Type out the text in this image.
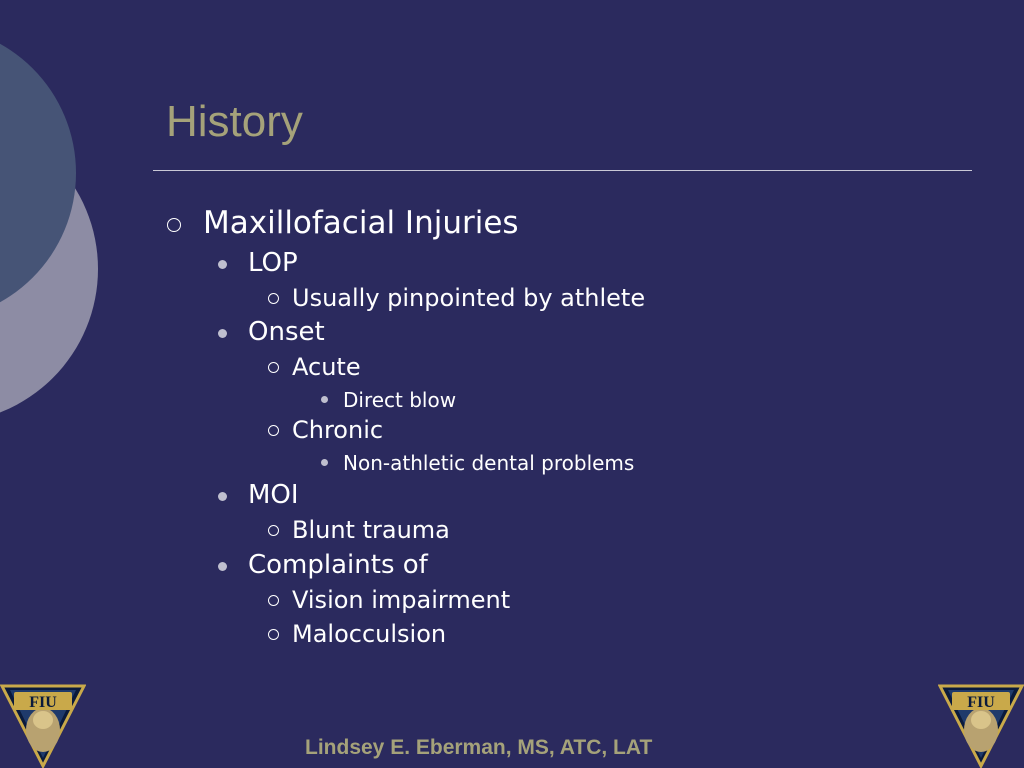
History
Maxillofacial Injuries
LOP
Usually pinpointed by athlete
Onset
Acute
Direct blow
Chronic
Non-athletic dental problems
MOI
Blunt trauma
Complaints of
Vision impairment
Malocculsion
FIU	FIU
Lindsey E. Eberman, MS, ATC, LAT
